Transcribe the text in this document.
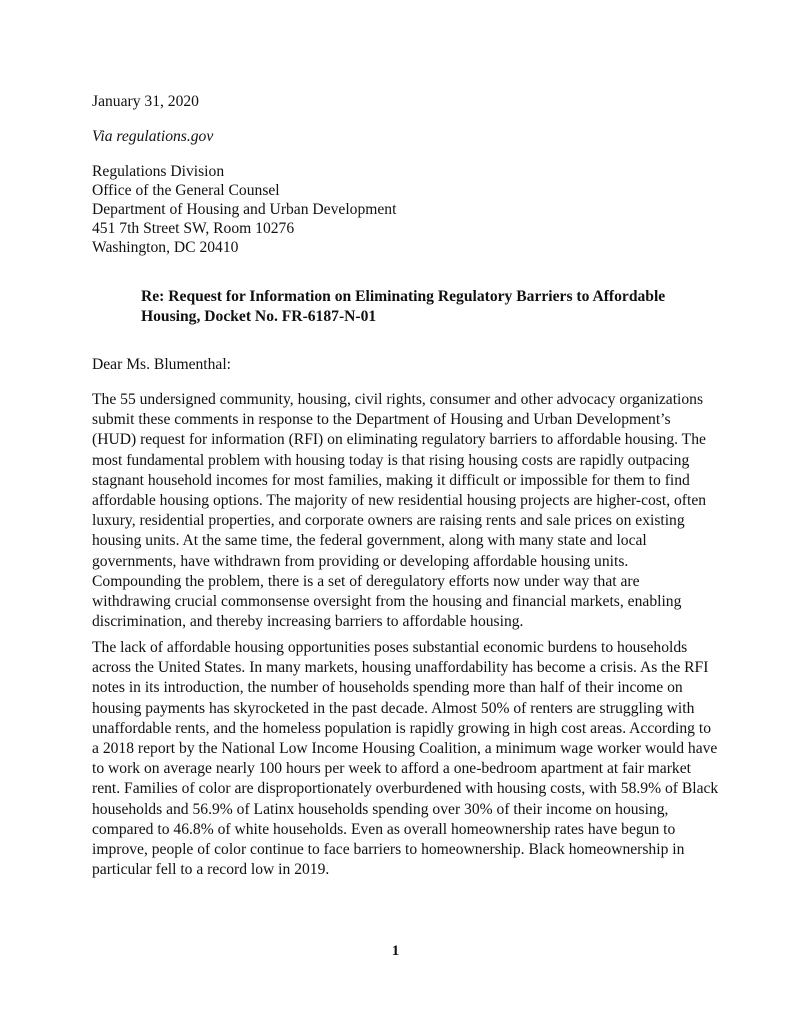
January 31, 2020
Via regulations.gov
Regulations Division
Office of the General Counsel
Department of Housing and Urban Development
451 7th Street SW, Room 10276
Washington, DC 20410
Re: Request for Information on Eliminating Regulatory Barriers to Affordable
Housing, Docket No. FR-6187-N-01
Dear Ms. Blumenthal:
The 55 undersigned community, housing, civil rights, consumer and other advocacy organizations
submit these comments in response to the Department of Housing and Urban Development’s
(HUD) request for information (RFI) on eliminating regulatory barriers to affordable housing. The
most fundamental problem with housing today is that rising housing costs are rapidly outpacing
stagnant household incomes for most families, making it difficult or impossible for them to find
affordable housing options. The majority of new residential housing projects are higher-cost, often
luxury, residential properties, and corporate owners are raising rents and sale prices on existing
housing units. At the same time, the federal government, along with many state and local
governments, have withdrawn from providing or developing affordable housing units.
Compounding the problem, there is a set of deregulatory efforts now under way that are
withdrawing crucial commonsense oversight from the housing and financial markets, enabling
discrimination, and thereby increasing barriers to affordable housing.
The lack of affordable housing opportunities poses substantial economic burdens to households
across the United States. In many markets, housing unaffordability has become a crisis. As the RFI
notes in its introduction, the number of households spending more than half of their income on
housing payments has skyrocketed in the past decade. Almost 50% of renters are struggling with
unaffordable rents, and the homeless population is rapidly growing in high cost areas. According to
a 2018 report by the National Low Income Housing Coalition, a minimum wage worker would have
to work on average nearly 100 hours per week to afford a one-bedroom apartment at fair market
rent. Families of color are disproportionately overburdened with housing costs, with 58.9% of Black
households and 56.9% of Latinx households spending over 30% of their income on housing,
compared to 46.8% of white households. Even as overall homeownership rates have begun to
improve, people of color continue to face barriers to homeownership. Black homeownership in
particular fell to a record low in 2019.
1
